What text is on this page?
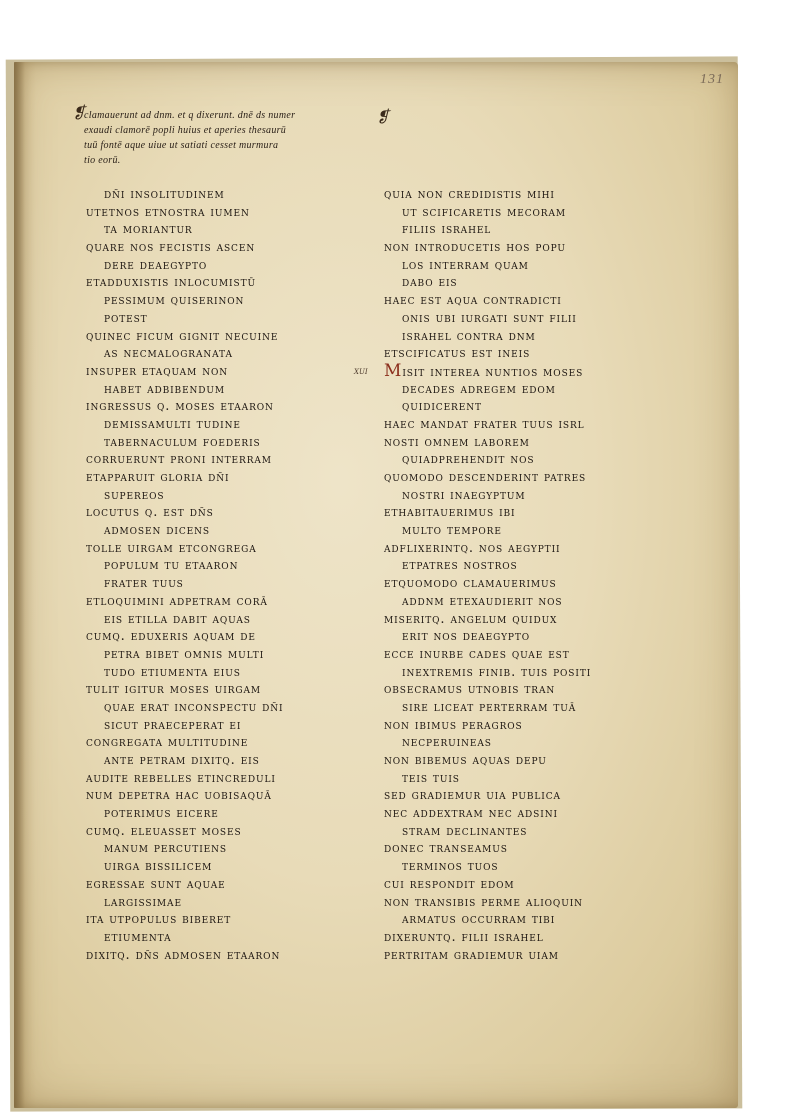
131
❡	❡
clamauerunt ad dnm. et q dixerunt. dnē ds numer
exaudi clamorē popli huius et aperies thesaurū
tuū fontē aque uiue ut satiati cesset murmura
tio eorū.
dñi insolitudinem
utetnos etnostra iumen
ta moriantur
quare nos fecistis ascen
dere deaegypto
etadduxistis inlocumistū
pessimum quiserinon
potest
quinec ficum gignit necuine
as necmalogranata
insuper etaquam non
habet adbibendum
ingressus q. moses etaaron
demissamulti tudine
tabernaculum foederis
corruerunt proni interram
etapparuit gloria dñi
supereos
locutus q. est dñs
admosen dicens
tolle uirgam etcongrega
populum tu etaaron
frater tuus
etloquimini adpetram corā
eis etilla dabit aquas
cumq. eduxeris aquam de
petra bibet omnis multi
tudo etiumenta eius
tulit igitur moses uirgam
quae erat inconspectu dñi
sicut praeceperat ei
congregata multitudine
ante petram dixitq. eis
audite rebelles etincreduli
num depetra hac uobisaquā
poterimus eicere
cumq. eleuasset moses
manum percutiens
uirga bissilicem
egressae sunt aquae
largissimae
ita utpopulus biberet
etiumenta
dixitq. dñs admosen etaaron
quia non credidistis mihi
ut scificaretis mecoram
filiis israhel
non introducetis hos popu
los interram quam
dabo eis
haec est aqua contradicti
onis ubi iurgati sunt filii
israhel contra dnm
etscificatus est ineis
xui Misit interea nuntios moses
decades adregem edom
quidicerent
haec mandat frater tuus isrl
nosti omnem laborem
quiadprehendit nos
quomodo descenderint patres
nostri inaegyptum
ethabitauerimus ibi
multo tempore
adflixerintq. nos aegyptii
etpatres nostros
etquomodo clamauerimus
addnm etexaudierit nos
miseritq. angelum quidux
erit nos deaegypto
ecce inurbe cades quae est
inextremis finib. tuis positi
obsecramus utnobis tran
sire liceat perterram tuā
non ibimus peragros
necperuineas
non bibemus aquas depu
teis tuis
sed gradiemur uia publica
nec addextram nec adsini
stram declinantes
donec transeamus
terminos tuos
cui respondit edom
non transibis perme alioquin
armatus occurram tibi
dixeruntq. filii israhel
pertritam gradiemur uiam
